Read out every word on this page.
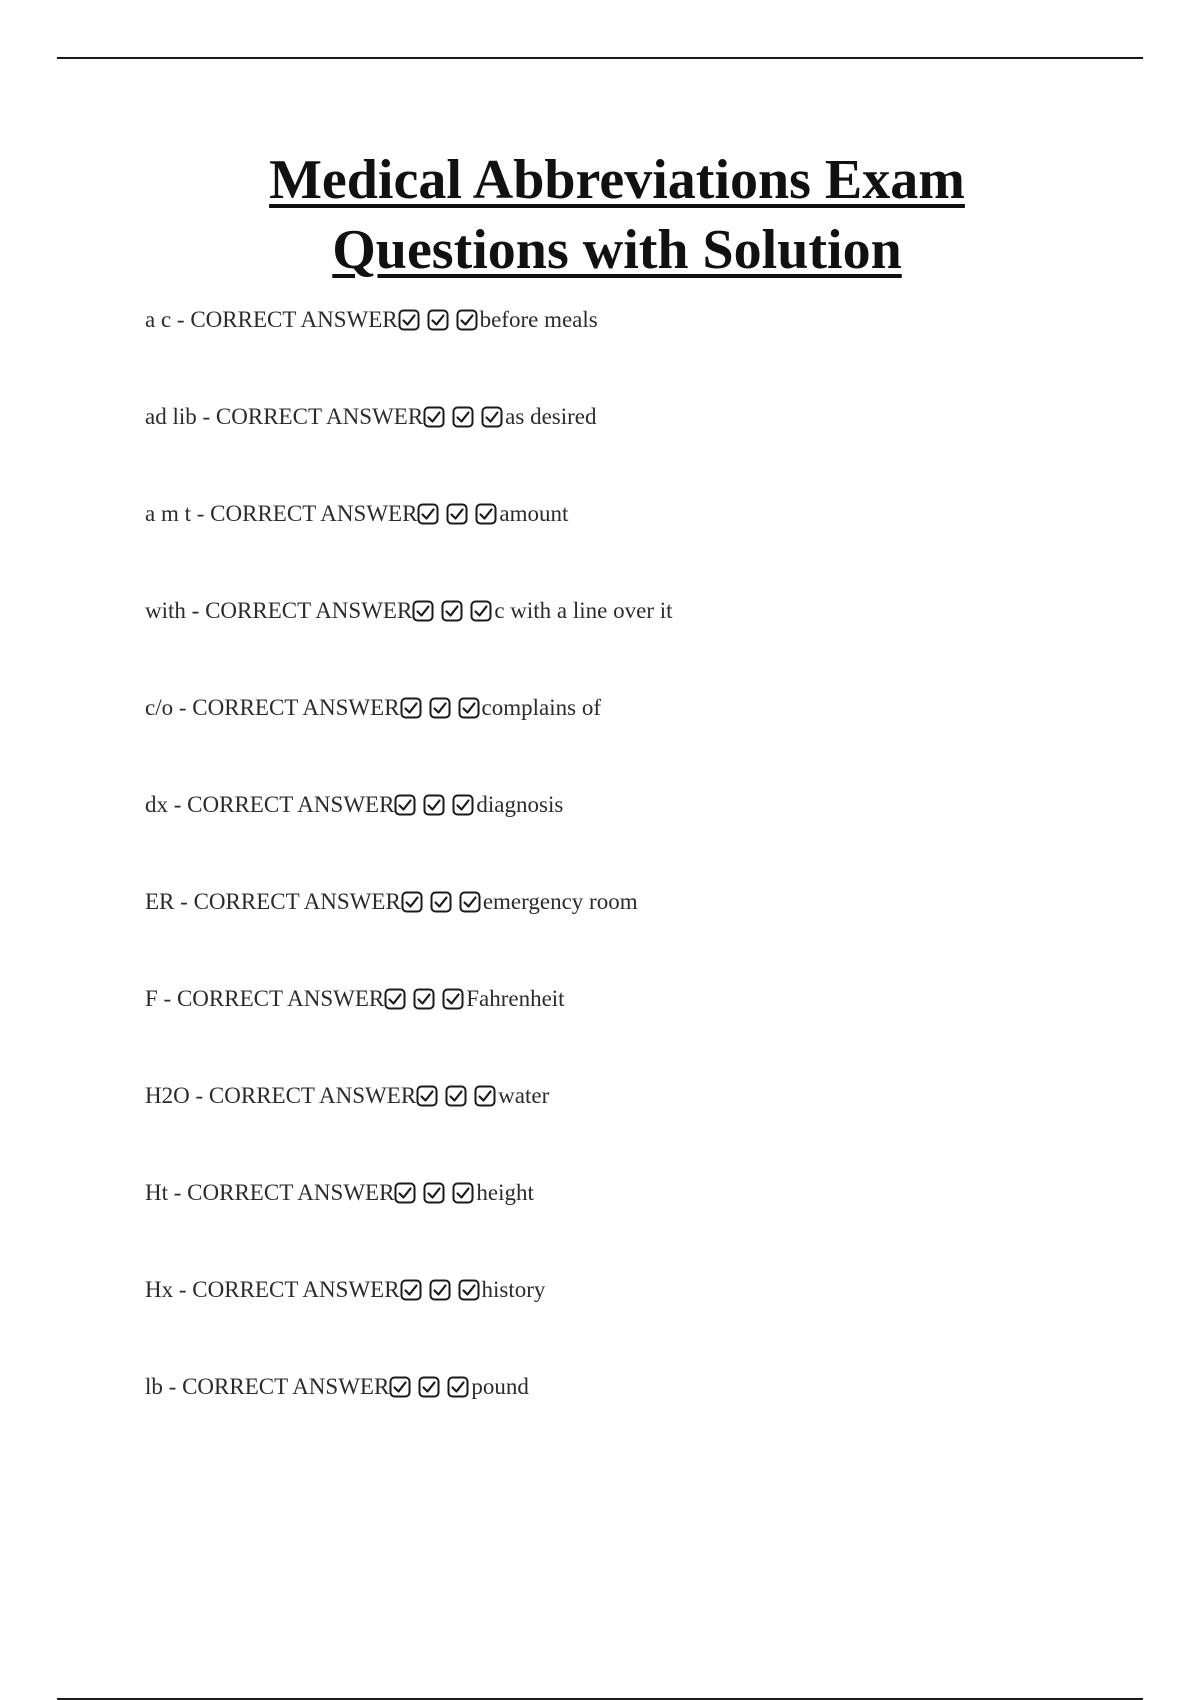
Medical Abbreviations Exam
Questions with Solution
a c - CORRECT ANSWER	before meals
ad lib - CORRECT ANSWER	as desired
a m t - CORRECT ANSWER	amount
with - CORRECT ANSWER	c with a line over it
c/o - CORRECT ANSWER	complains of
dx - CORRECT ANSWER	diagnosis
ER - CORRECT ANSWER	emergency room
F - CORRECT ANSWER	Fahrenheit
H2O - CORRECT ANSWER	water
Ht - CORRECT ANSWER	height
Hx - CORRECT ANSWER	history
lb - CORRECT ANSWER	pound
